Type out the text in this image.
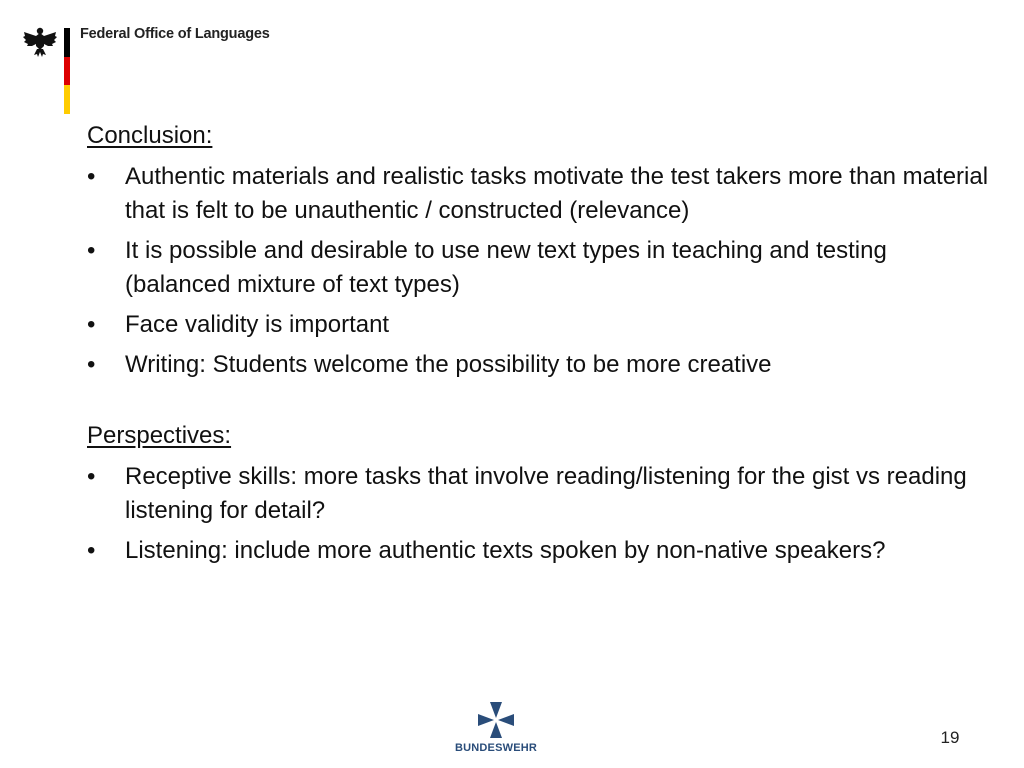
Federal Office of Languages
Conclusion:
• Authentic materials and realistic tasks motivate the test takers more than material that is felt to be unauthentic / constructed (relevance)
• It is possible and desirable to use new text types in teaching and testing (balanced mixture of text types)
• Face validity is important
• Writing: Students welcome the possibility to be more creative
Perspectives:
• Receptive skills: more tasks that involve reading/listening for the gist vs reading listening for detail?
• Listening: include more authentic texts spoken by non-native speakers?
BUNDESWEHR
19
